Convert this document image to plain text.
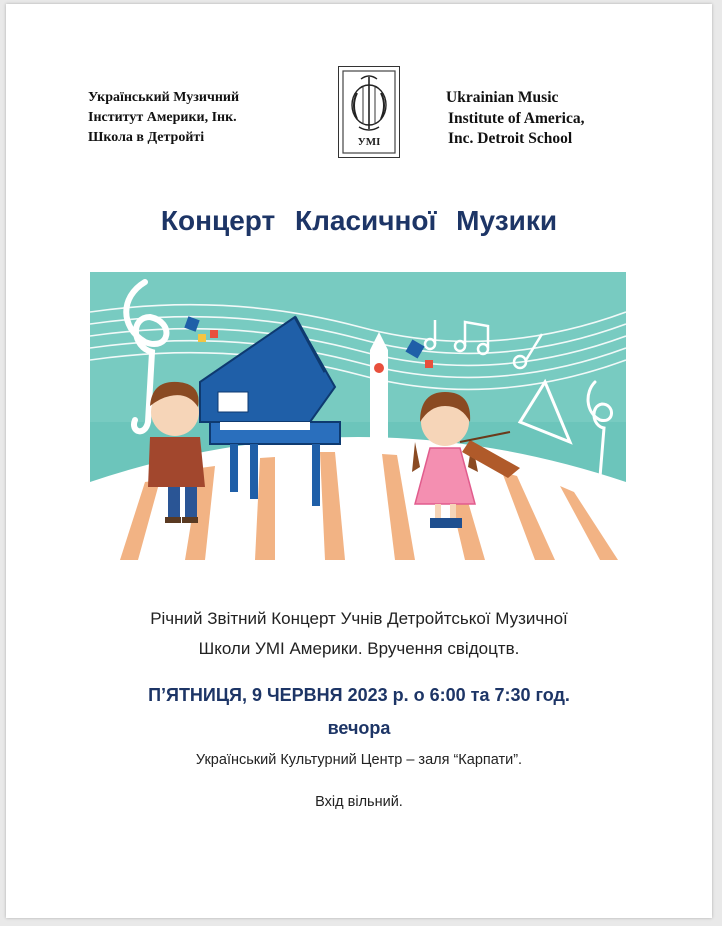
Український Музичний
Інститут Америки, Інк.
Школа в Детройті	УМІ
Ukrainian Music
Institute of America,
Inc. Detroit School
Концерт Класичної Музики
Річний Звітний Концерт Учнів Детройтської Музичної
Школи УМІ Америки. Вручення свідоцтв.
П’ЯТНИЦЯ, 9 ЧЕРВНЯ 2023 р. о 6:00 та 7:30 год.
вечора
Український Культурний Центр – заля “Карпати”.
Вхід вільний.
